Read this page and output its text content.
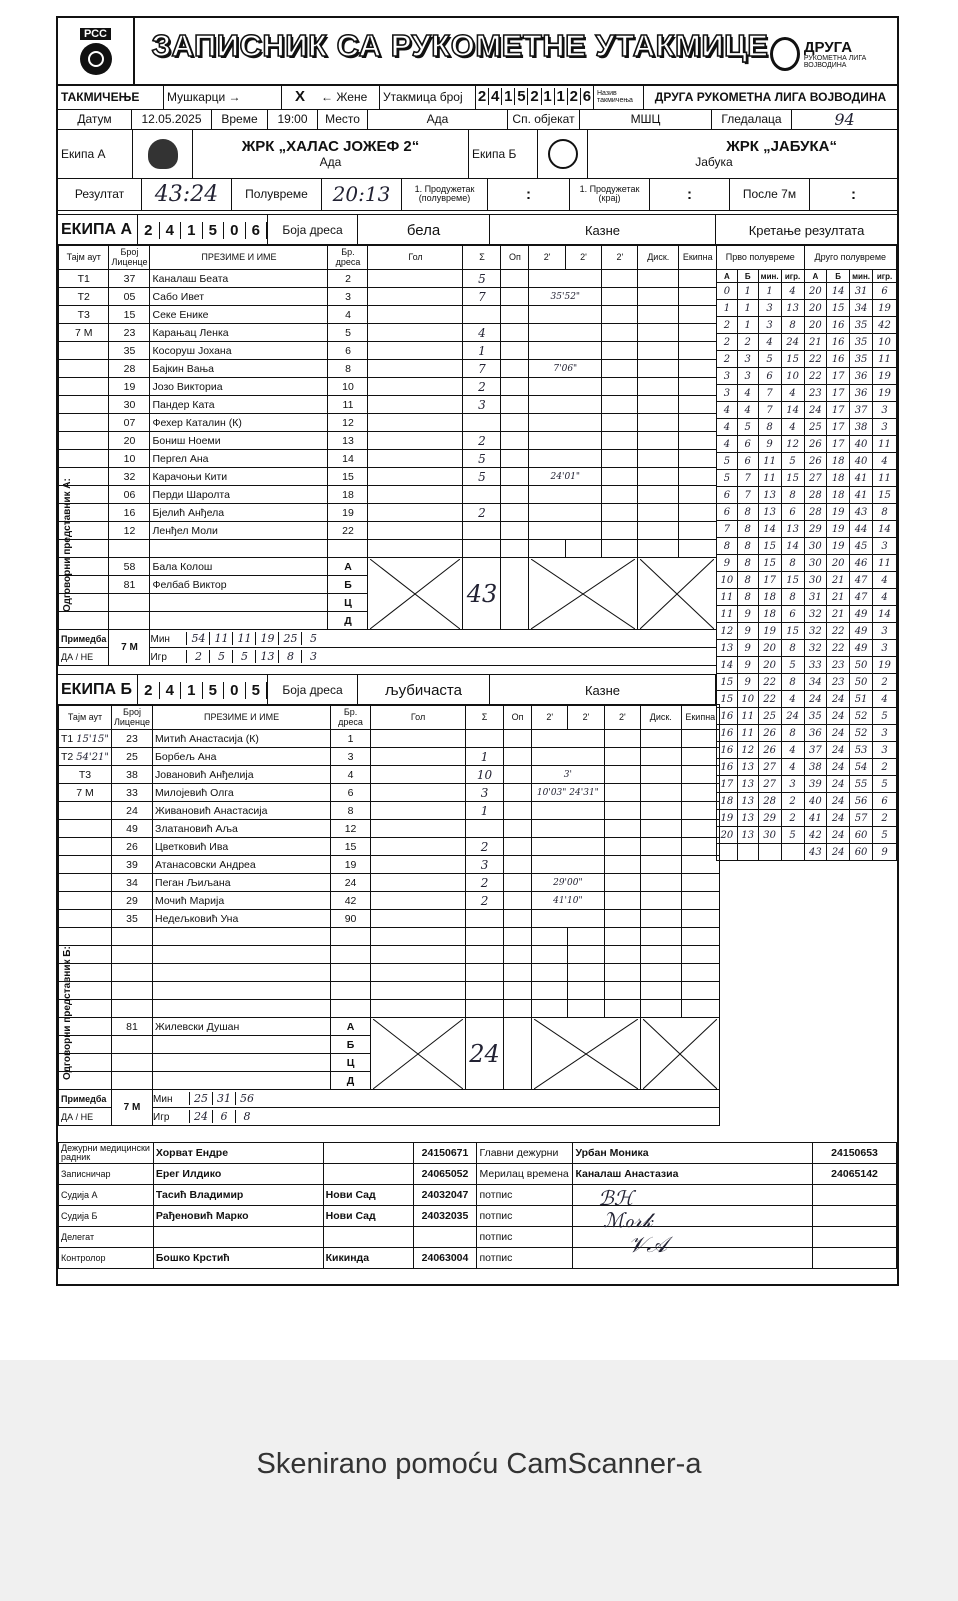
РСС	ЗАПИСНИК СА РУКОМЕТНЕ УТАКМИЦЕ	ДРУГА
РУКОМЕТНА ЛИГА ВОЈВОДИНА
ТАКМИЧЕЊЕ	Мушкарци →	X	← Жене	Утакмица број	2 4 1 5 2 1 1 2 6 Назив такмичења	ДРУГА РУКОМЕТНА ЛИГА ВОЈВОДИНА
Датум	12.05.2025	Време	19:00	Место	Ада	Сп. објекат	МШЦ	Гледалаца	94
Екипа А	ЖРК „ХАЛАС ЈОЖЕФ 2“
Ада
Екипа Б	ЖРК „ЈАБУКА“
Јабука
Резултат	43:24	Полувреме	20:13	1. Продужетак (полувреме)	:	1. Продужетак (крај)	:	После 7м	:
ЕКИПА А 2 4 1 5 0 6	Боја дреса	бела	Казне	Кретање резултата
Тајм аут	Број Лиценце	ПРЕЗИМЕ И ИМЕ	Бр. дреса	Гол	Σ	Оп	2'	2'	2'	Диск.	Екипна
Т1	37	Каналаш Беата	2		5						
Т2	05	Сабо Ивет	3		7		35'52"				
Т3	15	Секе Еникe	4								
7 М	23	Карањац Ленка	5		4						
	35	Косоруш Јохана	6		1						
	28	Бајкин Вања	8		7		7'06"				
	19	Јозо Викториа	10		2						
	30	Пандер Ката	11		3						
	07	Фехер Каталин (К)	12								
	20	Бониш Ноеми	13		2						
	10	Пергел Ана	14		5						
	32	Карачоњи Кити	15		5		24'01"				
	06	Перди Шаролта	18								
	16	Бјелић Анђела	19		2						
	12	Ленђел Моли	22								

	58	Бала Колош	А		43		

	81	Фелбаб Виктор	Б								
			Ц								
			Д								
Примедба	7 М	Мин 54 11 11 19 25 5									
ДА / НЕ		Игр 2 5 5 13 8 3									
Прво полувреме				Друго полувреме			
А	Б	мин.	игр.	А	Б	мин.	игр.
0	1	1	4	20	14	31	6
1	1	3	13	20	15	34	19
2	1	3	8	20	16	35	42
2	2	4	24	21	16	35	10
2	3	5	15	22	16	35	11
3	3	6	10	22	17	36	19
3	4	7	4	23	17	36	19
4	4	7	14	24	17	37	3
4	5	8	4	25	17	38	3
4	6	9	12	26	17	40	11
5	6	11	5	26	18	40	4
5	7	11	15	27	18	41	11
6	7	13	8	28	18	41	15
6	8	13	6	28	19	43	8
7	8	14	13	29	19	44	14
8	8	15	14	30	19	45	3
9	8	15	8	30	20	46	11
10	8	17	15	30	21	47	4
11	8	18	8	31	21	47	4
11	9	18	6	32	21	49	14
12	9	19	15	32	22	49	3
13	9	20	8	32	22	49	3
14	9	20	5	33	23	50	19
15	9	22	8	34	23	50	2
15	10	22	4	24	24	51	4
16	11	25	24	35	24	52	5
16	11	26	8	36	24	52	3
16	12	26	4	37	24	53	3
16	13	27	4	38	24	54	2
17	13	27	3	39	24	55	5
18	13	28	2	40	24	56	6
19	13	29	2	41	24	57	2
20	13	30	5	42	24	60	5
				43	24	60	9
ЕКИПА Б 2 4 1 5 0 5	Боја дреса	љубичаста	Казне
Тајм аут	Број Лиценце	ПРЕЗИМЕ И ИМЕ	Бр. дреса	Гол	Σ	Оп	2'	2'	2'	Диск.	Екипна
Т1 15'15"	23	Митић Анастасија (К)	1								
Т2 54'21"	25	Борбељ Ана	3		1						
Т3	38	Јовановић Анђелија	4		10		3'				
7 М	33	Милојевић Олга	6		3		10'03" 24'31"				
	24	Живановић Анастасија	8		1						
	49	Златановић Аља	12								
	26	Цветковић Ива	15		2						
	39	Атанасовски Андреа	19		3						
	34	Пеган Љиљана	24		2		29'00"				
	29	Мочић Марија	42		2		41'10"				
	35	Недељковић Уна	90								

	81	Жилевски Душан	А		24		

			Б								
			Ц								
			Д								
Примедба	7 М	Мин 25 31 56									
ДА / НЕ		Игр 24 6 8									
Дежурни медицински радник	Хорват Ендре		24150671	Главни дежурни	Урбан Моника	24150653
Записничар	Ерег Илдико		24065052	Мерилац времена	Каналаш Анастазиа	24065142
Судија А	Тасић Владимир	Нови Сад	24032047	потпис		
Судија Б	Рађеновић Марко	Нови Сад	24032035	потпис		
Делегат				потпис		
Контролор	Бошко Крстић	Кикинда	24063004	потпис		
ℬℋ
ℳℴ𝓇𝓀
𝒱𝒜
Skenirano pomoću CamScanner-a
Одговорни представник А:
Одговорни представник Б:
